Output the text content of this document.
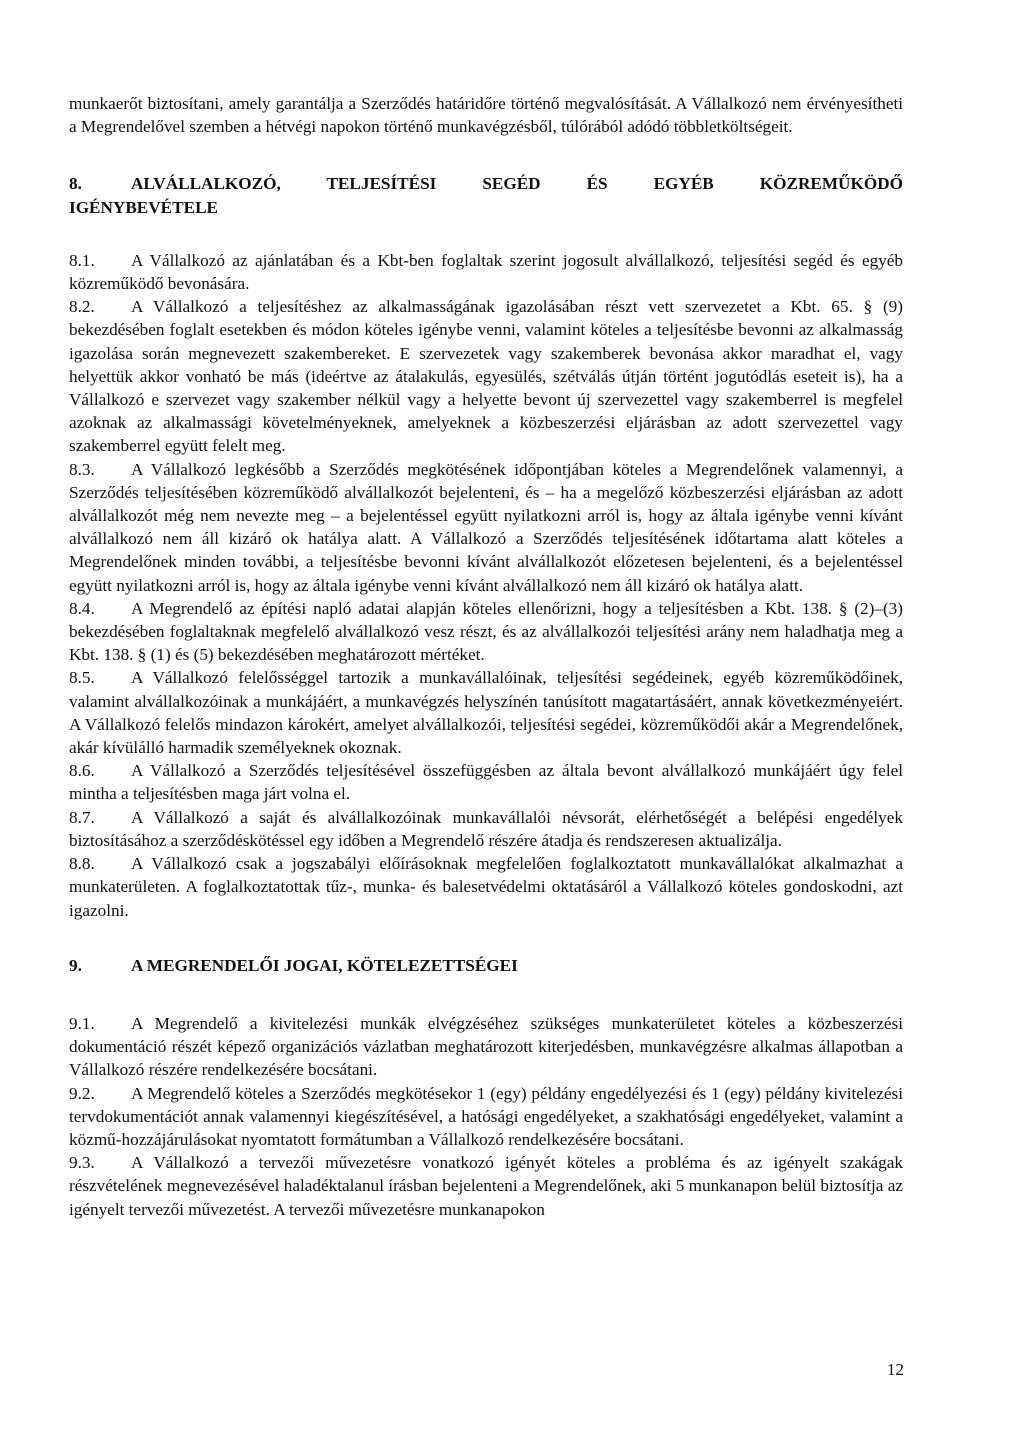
munkaerőt biztosítani, amely garantálja a Szerződés határidőre történő megvalósítását. A Vállalkozó nem érvényesítheti a Megrendelővel szemben a hétvégi napokon történő munkavégzésből, túlórából adódó többletköltségeit.

8.	ALVÁLLALKOZÓ, TELJESÍTÉSI SEGÉD ÉS EGYÉB KÖZREMŰKÖDŐ IGÉNYBEVÉTELE

8.1. A Vállalkozó az ajánlatában és a Kbt-ben foglaltak szerint jogosult alvállalkozó, teljesítési segéd és egyéb közreműködő bevonására.

8.2. A Vállalkozó a teljesítéshez az alkalmasságának igazolásában részt vett szervezetet a Kbt. 65. § (9) bekezdésében foglalt esetekben és módon köteles igénybe venni, valamint köteles a teljesítésbe bevonni az alkalmasság igazolása során megnevezett szakembereket. E szervezetek vagy szakemberek bevonása akkor maradhat el, vagy helyettük akkor vonható be más (ideértve az átalakulás, egyesülés, szétválás útján történt jogutódlás eseteit is), ha a Vállalkozó e szervezet vagy szakember nélkül vagy a helyette bevont új szervezettel vagy szakemberrel is megfelel azoknak az alkalmassági követelményeknek, amelyeknek a közbeszerzési eljárásban az adott szervezettel vagy szakemberrel együtt felelt meg.

8.3. A Vállalkozó legkésőbb a Szerződés megkötésének időpontjában köteles a Megrendelőnek valamennyi, a Szerződés teljesítésében közreműködő alvállalkozót bejelenteni, és – ha a megelőző közbeszerzési eljárásban az adott alvállalkozót még nem nevezte meg – a bejelentéssel együtt nyilatkozni arról is, hogy az általa igénybe venni kívánt alvállalkozó nem áll kizáró ok hatálya alatt. A Vállalkozó a Szerződés teljesítésének időtartama alatt köteles a Megrendelőnek minden további, a teljesítésbe bevonni kívánt alvállalkozót előzetesen bejelenteni, és a bejelentéssel együtt nyilatkozni arról is, hogy az általa igénybe venni kívánt alvállalkozó nem áll kizáró ok hatálya alatt.

8.4. A Megrendelő az építési napló adatai alapján köteles ellenőrizni, hogy a teljesítésben a Kbt. 138. § (2)–(3) bekezdésében foglaltaknak megfelelő alvállalkozó vesz részt, és az alvállalkozói teljesítési arány nem haladhatja meg a Kbt. 138. § (1) és (5) bekezdésében meghatározott mértéket.

8.5. A Vállalkozó felelősséggel tartozik a munkavállalóinak, teljesítési segédeinek, egyéb közreműködőinek, valamint alvállalkozóinak a munkájáért, a munkavégzés helyszínén tanúsított magatartásáért, annak következményeiért. A Vállalkozó felelős mindazon károkért, amelyet alvállalkozói, teljesítési segédei, közreműködői akár a Megrendelőnek, akár kívülálló harmadik személyeknek okoznak.

8.6. A Vállalkozó a Szerződés teljesítésével összefüggésben az általa bevont alvállalkozó munkájáért úgy felel mintha a teljesítésben maga járt volna el.

8.7. A Vállalkozó a saját és alvállalkozóinak munkavállalói névsorát, elérhetőségét a belépési engedélyek biztosításához a szerződéskötéssel egy időben a Megrendelő részére átadja és rendszeresen aktualizálja.

8.8. A Vállalkozó csak a jogszabályi előírásoknak megfelelően foglalkoztatott munkavállalókat alkalmazhat a munkaterületen. A foglalkoztatottak tűz-, munka- és balesetvédelmi oktatásáról a Vállalkozó köteles gondoskodni, azt igazolni.

9.	A MEGRENDELŐI JOGAI, KÖTELEZETTSÉGEI

9.1. A Megrendelő a kivitelezési munkák elvégzéséhez szükséges munkaterületet köteles a közbeszerzési dokumentáció részét képező organizációs vázlatban meghatározott kiterjedésben, munkavégzésre alkalmas állapotban a Vállalkozó részére rendelkezésére bocsátani.

9.2. A Megrendelő köteles a Szerződés megkötésekor 1 (egy) példány engedélyezési és 1 (egy) példány kivitelezési tervdokumentációt annak valamennyi kiegészítésével, a hatósági engedélyeket, a szakhatósági engedélyeket, valamint a közmű-hozzájárulásokat nyomtatott formátumban a Vállalkozó rendelkezésére bocsátani.

9.3. A Vállalkozó a tervezői művezetésre vonatkozó igényét köteles a probléma és az igényelt szakágak részvételének megnevezésével haladéktalanul írásban bejelenteni a Megrendelőnek, aki 5 munkanapon belül biztosítja az igényelt tervezői művezetést. A tervezői művezetésre munkanapokon

12
